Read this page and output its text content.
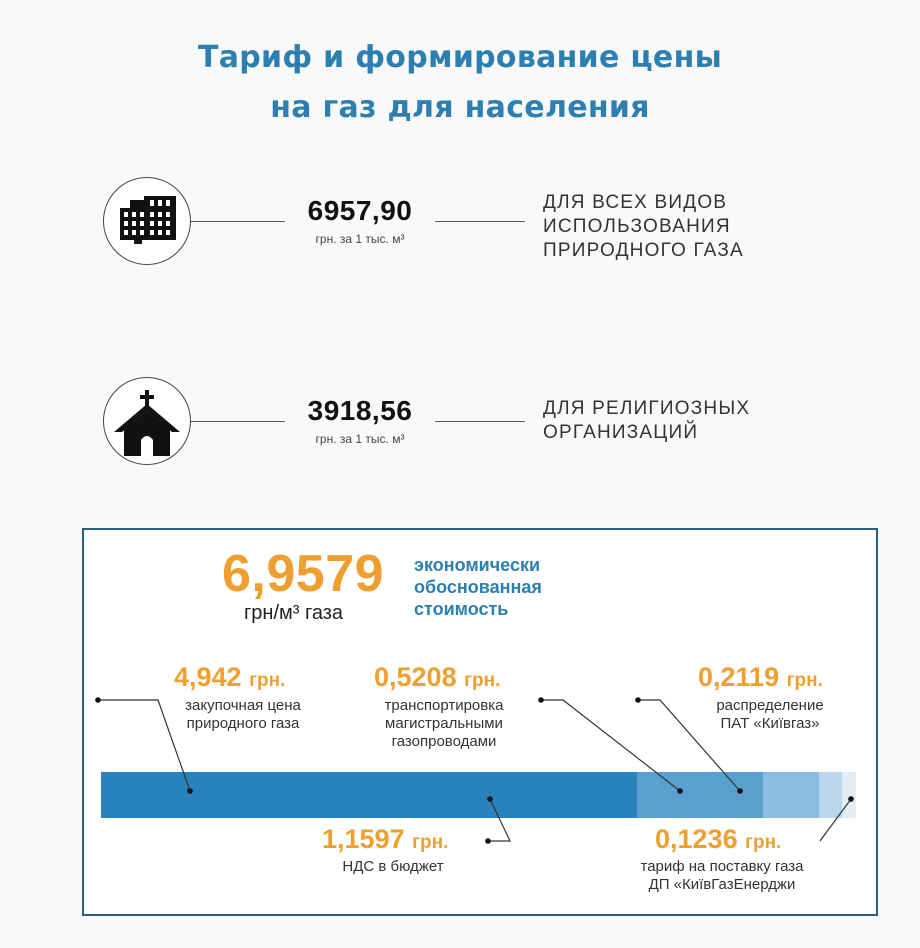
Тариф и формирование цены
на газ для населения
6957,90
грн. за 1 тыс. м³
ДЛЯ ВСЕХ ВИДОВ
ИСПОЛЬЗОВАНИЯ
ПРИРОДНОГО ГАЗА
3918,56
грн. за 1 тыс. м³
ДЛЯ РЕЛИГИОЗНЫХ
ОРГАНИЗАЦИЙ
6,9579
грн/м³ газа
экономически
обоснованная
стоимость
4,942 грн.
закупочная цена
природного газа
0,5208 грн.
транспортировка
магистральными
газопроводами
0,2119 грн.
распределение
ПАТ «Київгаз»
1,1597 грн.
НДС в бюджет
0,1236 грн.
тариф на поставку газа
ДП «КиївГазЕнерджи
